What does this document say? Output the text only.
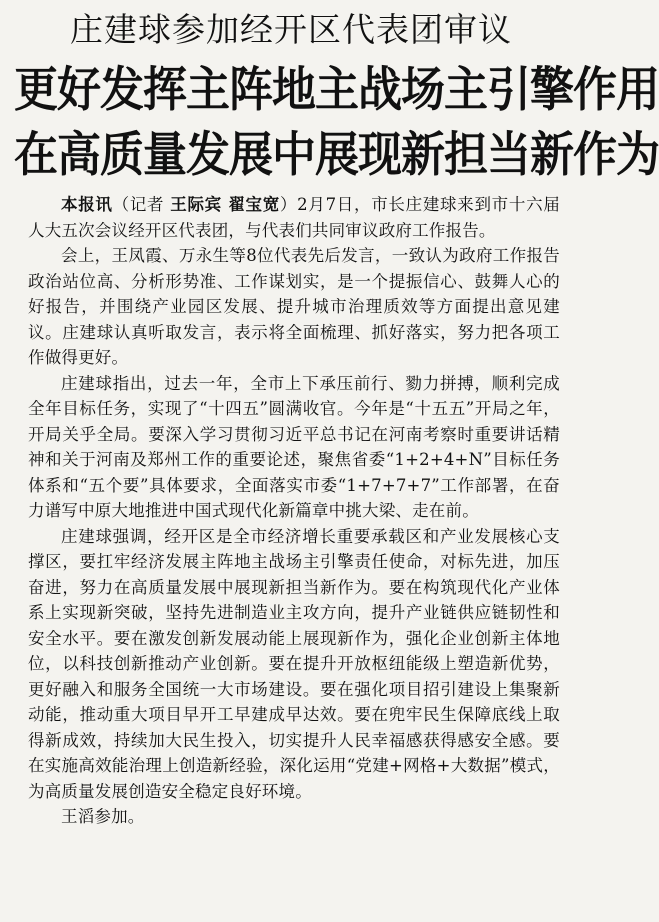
庄建球参加经开区代表团审议
更好发挥主阵地主战场主引擎作用
在高质量发展中展现新担当新作为

本报讯（记者 王际宾 翟宝宽）2月7日，市长庄建球来到市十六届人大五次会议经开区代表团，与代表们共同审议政府工作报告。

会上，王凤霞、万永生等8位代表先后发言，一致认为政府工作报告政治站位高、分析形势准、工作谋划实，是一个提振信心、鼓舞人心的好报告，并围绕产业园区发展、提升城市治理质效等方面提出意见建议。庄建球认真听取发言，表示将全面梳理、抓好落实，努力把各项工作做得更好。

庄建球指出，过去一年，全市上下承压前行、勠力拼搏，顺利完成全年目标任务，实现了“十四五”圆满收官。今年是“十五五”开局之年，开局关乎全局。要深入学习贯彻习近平总书记在河南考察时重要讲话精神和关于河南及郑州工作的重要论述，聚焦省委“1+2+4+N”目标任务体系和“五个要”具体要求，全面落实市委“1+7+7+7”工作部署，在奋力谱写中原大地推进中国式现代化新篇章中挑大梁、走在前。

庄建球强调，经开区是全市经济增长重要承载区和产业发展核心支撑区，要扛牢经济发展主阵地主战场主引擎责任使命，对标先进，加压奋进，努力在高质量发展中展现新担当新作为。要在构筑现代化产业体系上实现新突破，坚持先进制造业主攻方向，提升产业链供应链韧性和安全水平。要在激发创新发展动能上展现新作为，强化企业创新主体地位，以科技创新推动产业创新。要在提升开放枢纽能级上塑造新优势，更好融入和服务全国统一大市场建设。要在强化项目招引建设上集聚新动能，推动重大项目早开工早建成早达效。要在兜牢民生保障底线上取得新成效，持续加大民生投入，切实提升人民幸福感获得感安全感。要在实施高效能治理上创造新经验，深化运用“党建+网格+大数据”模式，为高质量发展创造安全稳定良好环境。

王滔参加。
